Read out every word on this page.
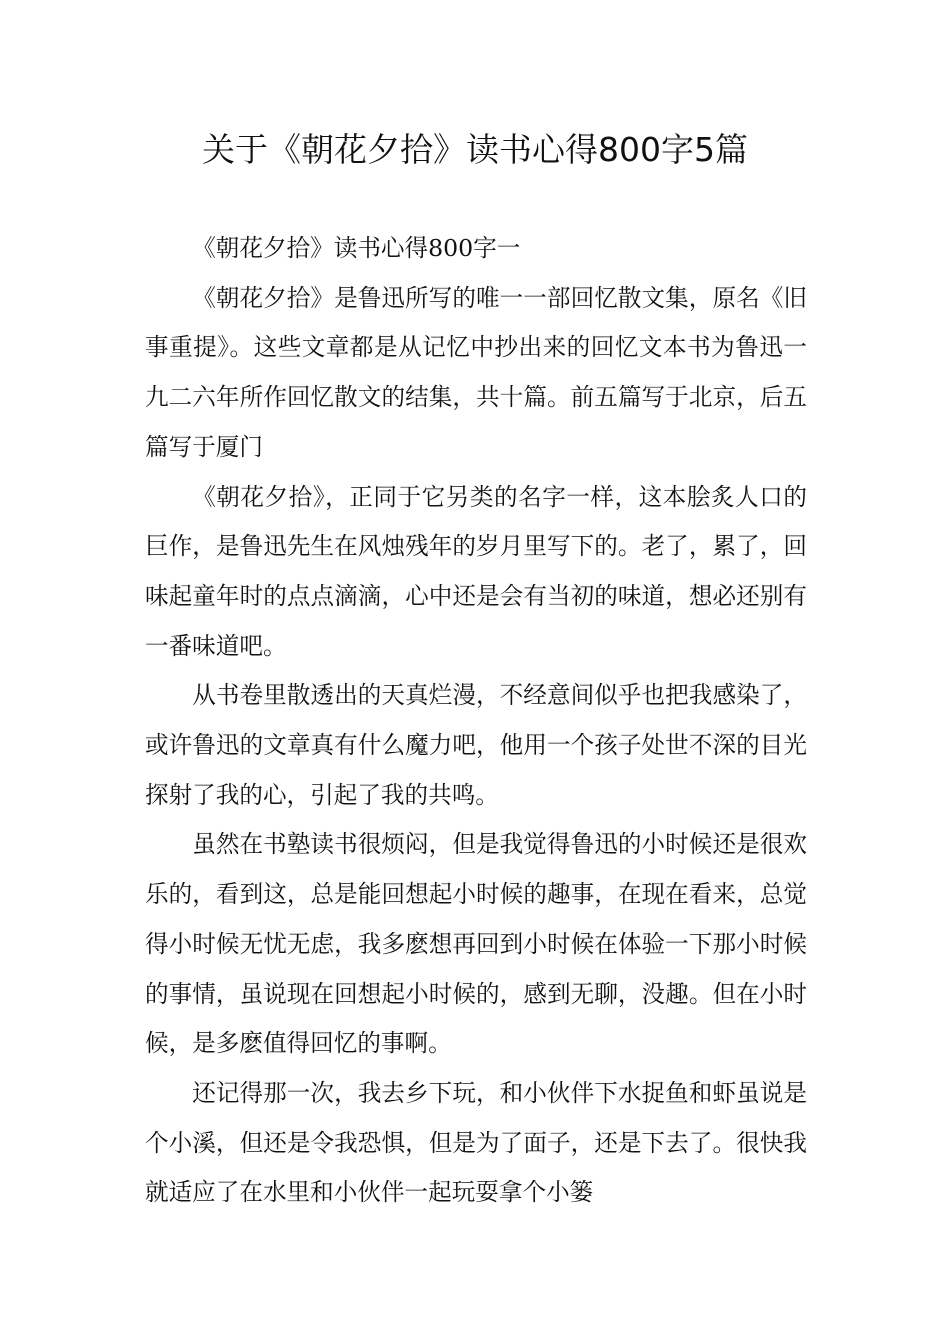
关于《朝花夕拾》读书心得800字5篇

《朝花夕拾》读书心得800字一

《朝花夕拾》是鲁迅所写的唯一一部回忆散文集，原名《旧事重提》。这些文章都是从记忆中抄出来的回忆文本书为鲁迅一九二六年所作回忆散文的结集，共十篇。前五篇写于北京，后五篇写于厦门

《朝花夕拾》，正同于它另类的名字一样，这本脍炙人口的巨作，是鲁迅先生在风烛残年的岁月里写下的。老了，累了，回味起童年时的点点滴滴，心中还是会有当初的味道，想必还别有一番味道吧。

从书卷里散透出的天真烂漫，不经意间似乎也把我感染了，或许鲁迅的文章真有什么魔力吧，他用一个孩子处世不深的目光探射了我的心，引起了我的共鸣。

虽然在书塾读书很烦闷，但是我觉得鲁迅的小时候还是很欢乐的，看到这，总是能回想起小时候的趣事，在现在看来，总觉得小时候无忧无虑，我多麽想再回到小时候在体验一下那小时候的事情，虽说现在回想起小时候的，感到无聊，没趣。但在小时候，是多麽值得回忆的事啊。

还记得那一次，我去乡下玩，和小伙伴下水捉鱼和虾虽说是个小溪，但还是令我恐惧，但是为了面子，还是下去了。很快我就适应了在水里和小伙伴一起玩耍拿个小篓
